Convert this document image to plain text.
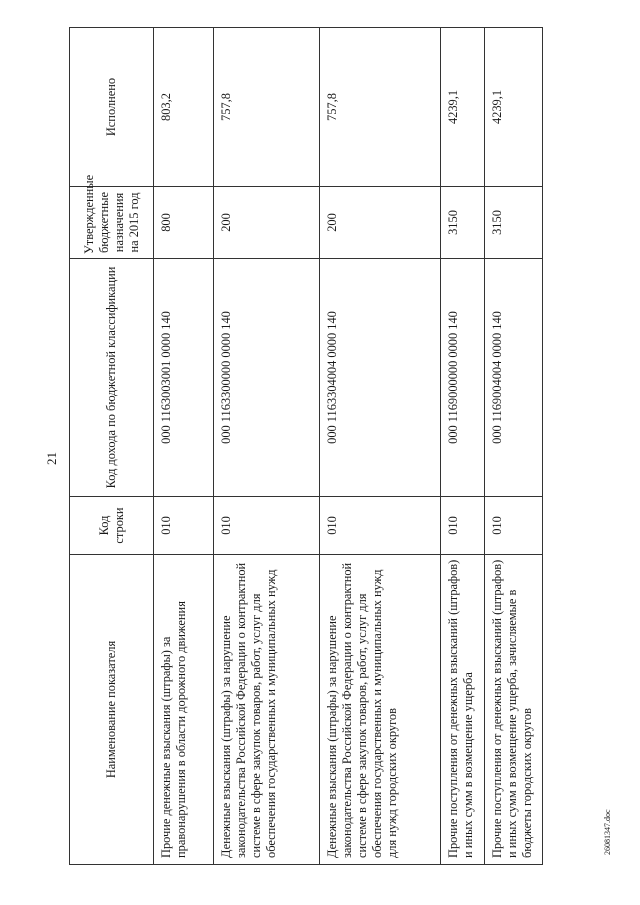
21
Наименование показателя	Код строки	Код дохода по бюджетной классификации	Утвержденные бюджетные назначения на 2015 год	Исполнено
Прочие денежные взыскания (штрафы) за правонарушения в области дорожного движения	010	000 1163003001 0000 140	800	803,2
Денежные взыскания (штрафы) за нарушение законодательства Российской Федерации о контрактной системе в сфере закупок товаров, работ, услуг для обеспечения государственных и муниципальных нужд	010	000 1163300000 0000 140	200	757,8
Денежные взыскания (штрафы) за нарушение законодательства Российской Федерации о контрактной системе в сфере закупок товаров, работ, услуг для обеспечения государственных и муниципальных нужд для нужд городских округов	010	000 1163304004 0000 140	200	757,8
Прочие поступления от денежных взысканий (штрафов) и иных сумм в возмещение ущерба	010	000 1169000000 0000 140	3150	4239,1
Прочие поступления от денежных взысканий (штрафов) и иных сумм в возмещение ущерба, зачисляемые в бюджеты городских округов	010	000 1169004004 0000 140	3150	4239,1
26081347.doc
